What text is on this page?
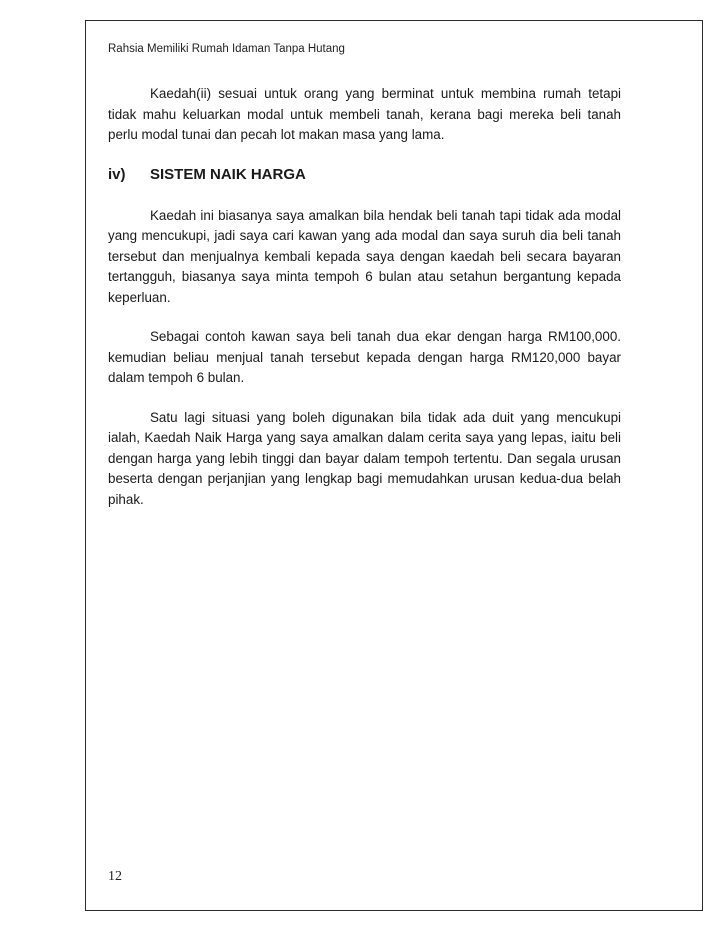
Rahsia Memiliki Rumah Idaman Tanpa Hutang

Kaedah(ii) sesuai untuk orang yang berminat untuk membina rumah tetapi tidak mahu keluarkan modal untuk membeli tanah, kerana bagi mereka beli tanah perlu modal tunai dan pecah lot makan masa yang lama.

iv)	SISTEM NAIK HARGA

Kaedah ini biasanya saya amalkan bila hendak beli tanah tapi tidak ada modal yang mencukupi, jadi saya cari kawan yang ada modal dan saya suruh dia beli tanah tersebut dan menjualnya kembali kepada saya dengan kaedah beli secara bayaran tertangguh, biasanya saya minta tempoh 6 bulan atau setahun bergantung kepada keperluan.

Sebagai contoh kawan saya beli tanah dua ekar dengan harga RM100,000. kemudian beliau menjual tanah tersebut kepada dengan harga RM120,000 bayar dalam tempoh 6 bulan.

Satu lagi situasi yang boleh digunakan bila tidak ada duit yang mencukupi ialah, Kaedah Naik Harga yang saya amalkan dalam cerita saya yang lepas, iaitu beli dengan harga yang lebih tinggi dan bayar dalam tempoh tertentu. Dan segala urusan beserta dengan perjanjian yang lengkap bagi memudahkan urusan kedua-dua belah pihak.

12
